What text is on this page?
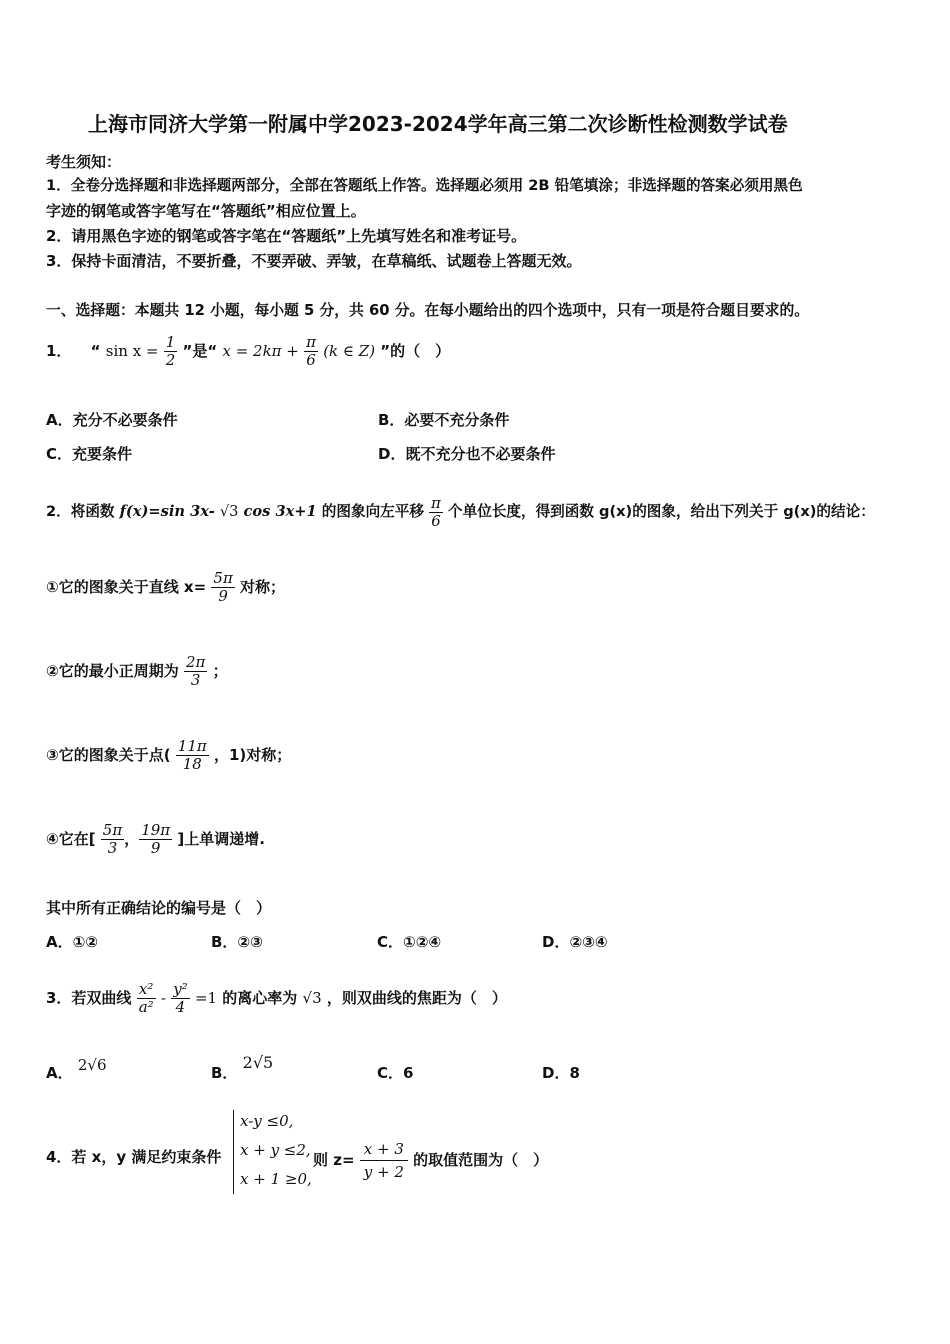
上海市同济大学第一附属中学2023-2024学年高三第二次诊断性检测数学试卷
考生须知：
1．全卷分选择题和非选择题两部分，全部在答题纸上作答。选择题必须用 2B 铅笔填涂；非选择题的答案必须用黑色
字迹的钢笔或答字笔写在“答题纸”相应位置上。
2．请用黑色字迹的钢笔或答字笔在“答题纸”上先填写姓名和准考证号。
3．保持卡面清洁，不要折叠，不要弄破、弄皱，在草稿纸、试题卷上答题无效。
一、选择题：本题共 12 小题，每小题 5 分，共 60 分。在每小题给出的四个选项中，只有一项是符合题目要求的。
1． “ $\sin x = \frac{1}{2}$ ”是“ $x = 2k\pi + \frac{\pi}{6} (k$ ∈ Z) ”的（　）
A．充分不必要条件	B．必要不充分条件
C．充要条件	D．既不充分也不必要条件
2．将函数 f(x)=sin 3x- √3 cos 3x+1 的图象向左平移 $\frac{\pi}{6}$ 个单位长度，得到函数 g(x)的图象，给出下列关于 g(x)的结论：
①它的图象关于直线 $x= \frac{5\pi}{9}$ 对称；
②它的最小正周期为 $\frac{2\pi}{3}$ ；
③它的图象关于点( $\frac{11\pi}{18}$ ，1)对称；
④它在[ $\frac{5\pi}{3}$ ， $\frac{19\pi}{9}$ ]上单调递增.
其中所有正确结论的编号是（　）
A．①②	B．②③	C．①②④	D．②③④
3．若双曲线 $\frac{\text{x²}}{\text{a²}} - \frac{\text{y²}}{4} =1$ 的离心率为 √3 ，则双曲线的焦距为（　）
A． 2√6	B． 2√5
C．6	D．8
4．若 x，y 满足约束条件
x-y ≤0,
x + y ≤2,
x + 1 ≥0,
则 $z= \frac{x + 3}{y + 2}$ 的取值范围为（　）
